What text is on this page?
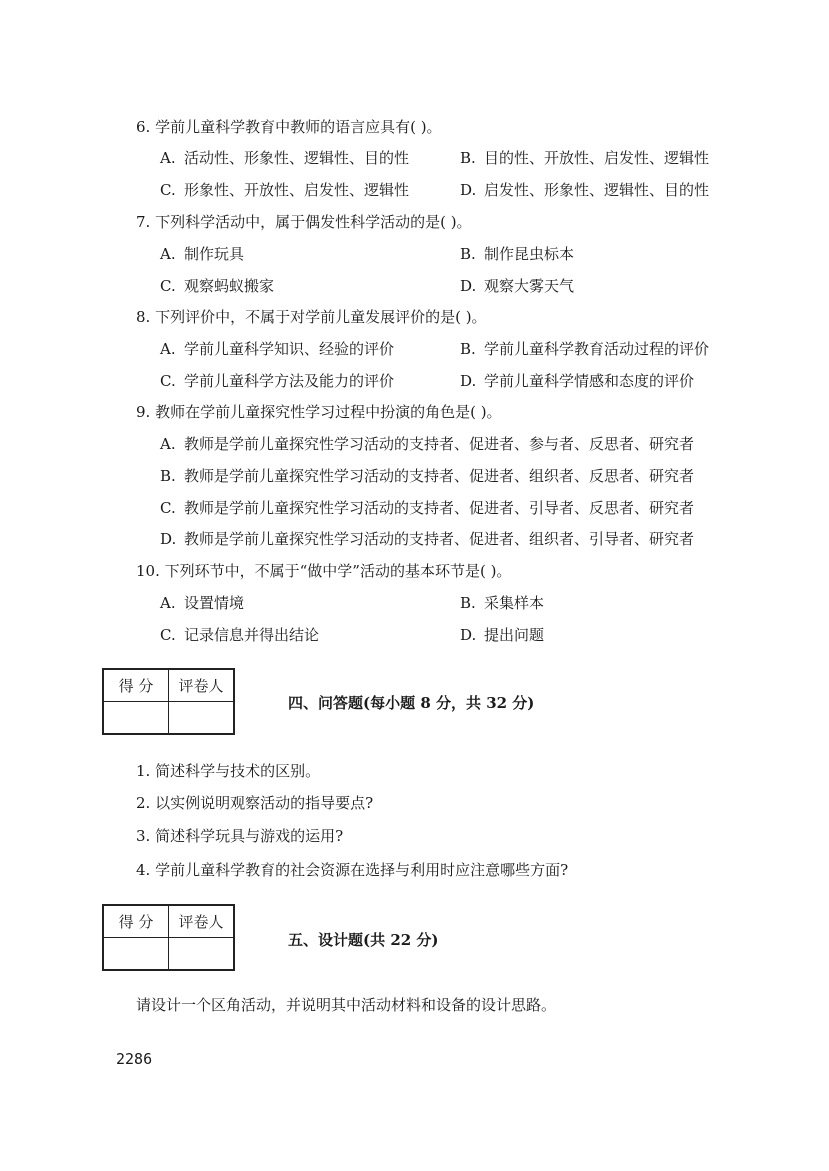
6. 学前儿童科学教育中教师的语言应具有( )。
A. 活动性、形象性、逻辑性、目的性	B. 目的性、开放性、启发性、逻辑性
C. 形象性、开放性、启发性、逻辑性	D. 启发性、形象性、逻辑性、目的性
7. 下列科学活动中，属于偶发性科学活动的是( )。
A. 制作玩具	B. 制作昆虫标本
C. 观察蚂蚁搬家	D. 观察大雾天气
8. 下列评价中，不属于对学前儿童发展评价的是( )。
A. 学前儿童科学知识、经验的评价	B. 学前儿童科学教育活动过程的评价
C. 学前儿童科学方法及能力的评价	D. 学前儿童科学情感和态度的评价
9. 教师在学前儿童探究性学习过程中扮演的角色是( )。
A. 教师是学前儿童探究性学习活动的支持者、促进者、参与者、反思者、研究者
B. 教师是学前儿童探究性学习活动的支持者、促进者、组织者、反思者、研究者
C. 教师是学前儿童探究性学习活动的支持者、促进者、引导者、反思者、研究者
D. 教师是学前儿童探究性学习活动的支持者、促进者、组织者、引导者、研究者
10. 下列环节中，不属于“做中学”活动的基本环节是( )。
A. 设置情境	B. 采集样本
C. 记录信息并得出结论	D. 提出问题
得 分	评卷人

四、问答题(每小题 8 分，共 32 分)
1. 简述科学与技术的区别。
2. 以实例说明观察活动的指导要点?
3. 简述科学玩具与游戏的运用?
4. 学前儿童科学教育的社会资源在选择与利用时应注意哪些方面?
得 分	评卷人

五、设计题(共 22 分)
请设计一个区角活动，并说明其中活动材料和设备的设计思路。
2286
